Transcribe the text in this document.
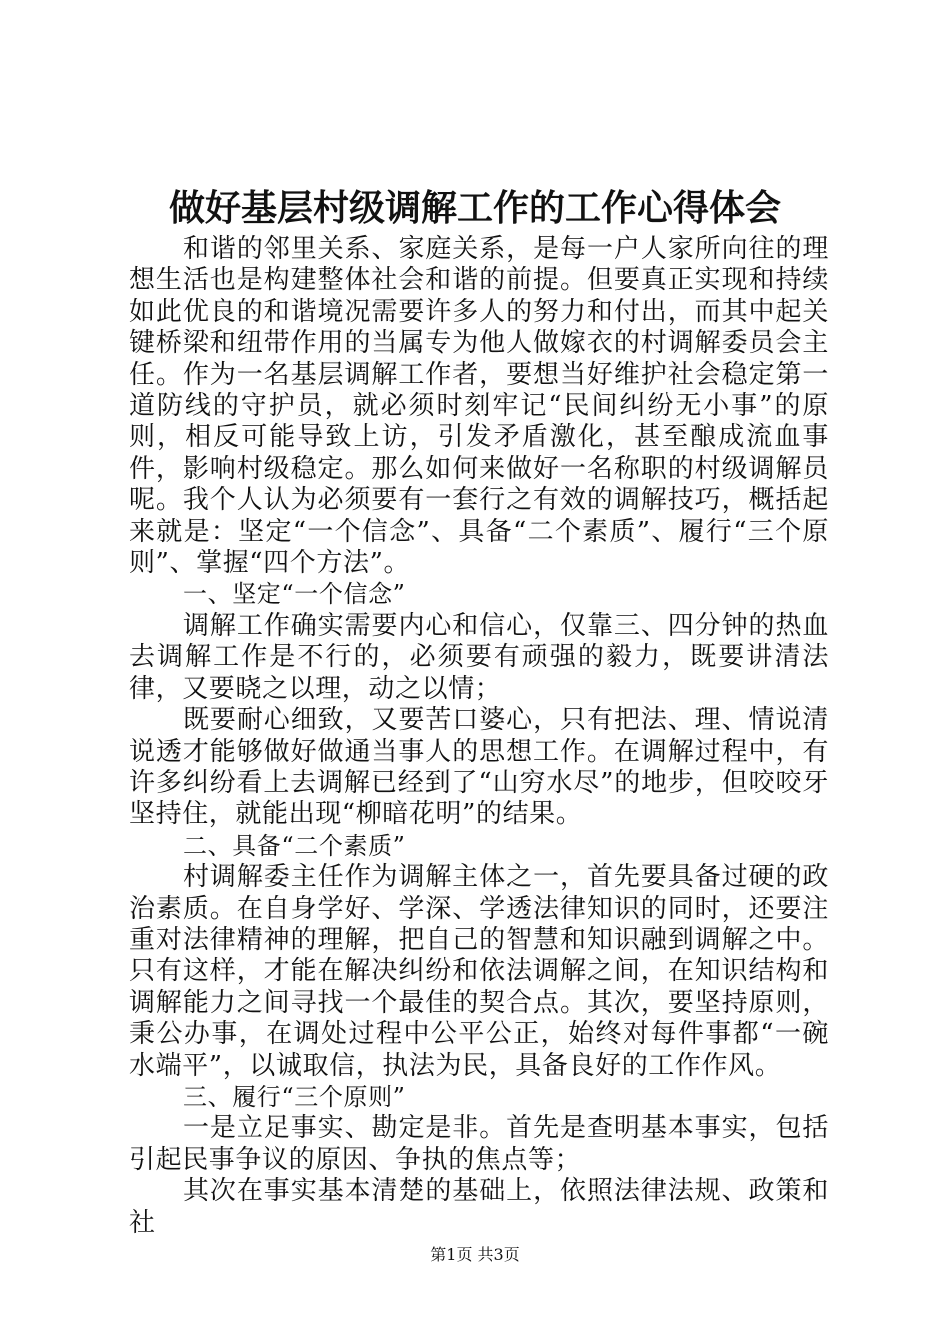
做好基层村级调解工作的工作心得体会

和谐的邻里关系、家庭关系，是每一户人家所向往的理想生活也是构建整体社会和谐的前提。但要真正实现和持续如此优良的和谐境况需要许多人的努力和付出，而其中起关键桥梁和纽带作用的当属专为他人做嫁衣的村调解委员会主任。作为一名基层调解工作者，要想当好维护社会稳定第一道防线的守护员，就必须时刻牢记“民间纠纷无小事”的原则，相反可能导致上访，引发矛盾激化，甚至酿成流血事件，影响村级稳定。那么如何来做好一名称职的村级调解员呢。我个人认为必须要有一套行之有效的调解技巧，概括起来就是：坚定“一个信念”、具备“二个素质”、履行“三个原则”、掌握“四个方法”。

一、坚定“一个信念”

调解工作确实需要内心和信心，仅靠三、四分钟的热血去调解工作是不行的，必须要有顽强的毅力，既要讲清法律，又要晓之以理，动之以情；

既要耐心细致，又要苦口婆心，只有把法、理、情说清说透才能够做好做通当事人的思想工作。在调解过程中，有许多纠纷看上去调解已经到了“山穷水尽”的地步，但咬咬牙坚持住，就能出现“柳暗花明”的结果。

二、具备“二个素质”

村调解委主任作为调解主体之一，首先要具备过硬的政治素质。在自身学好、学深、学透法律知识的同时，还要注重对法律精神的理解，把自己的智慧和知识融到调解之中。只有这样，才能在解决纠纷和依法调解之间，在知识结构和调解能力之间寻找一个最佳的契合点。其次，要坚持原则，秉公办事，在调处过程中公平公正，始终对每件事都“一碗水端平”，以诚取信，执法为民，具备良好的工作作风。

三、履行“三个原则”

一是立足事实、勘定是非。首先是查明基本事实，包括引起民事争议的原因、争执的焦点等；

其次在事实基本清楚的基础上，依照法律法规、政策和社

第1页 共3页
